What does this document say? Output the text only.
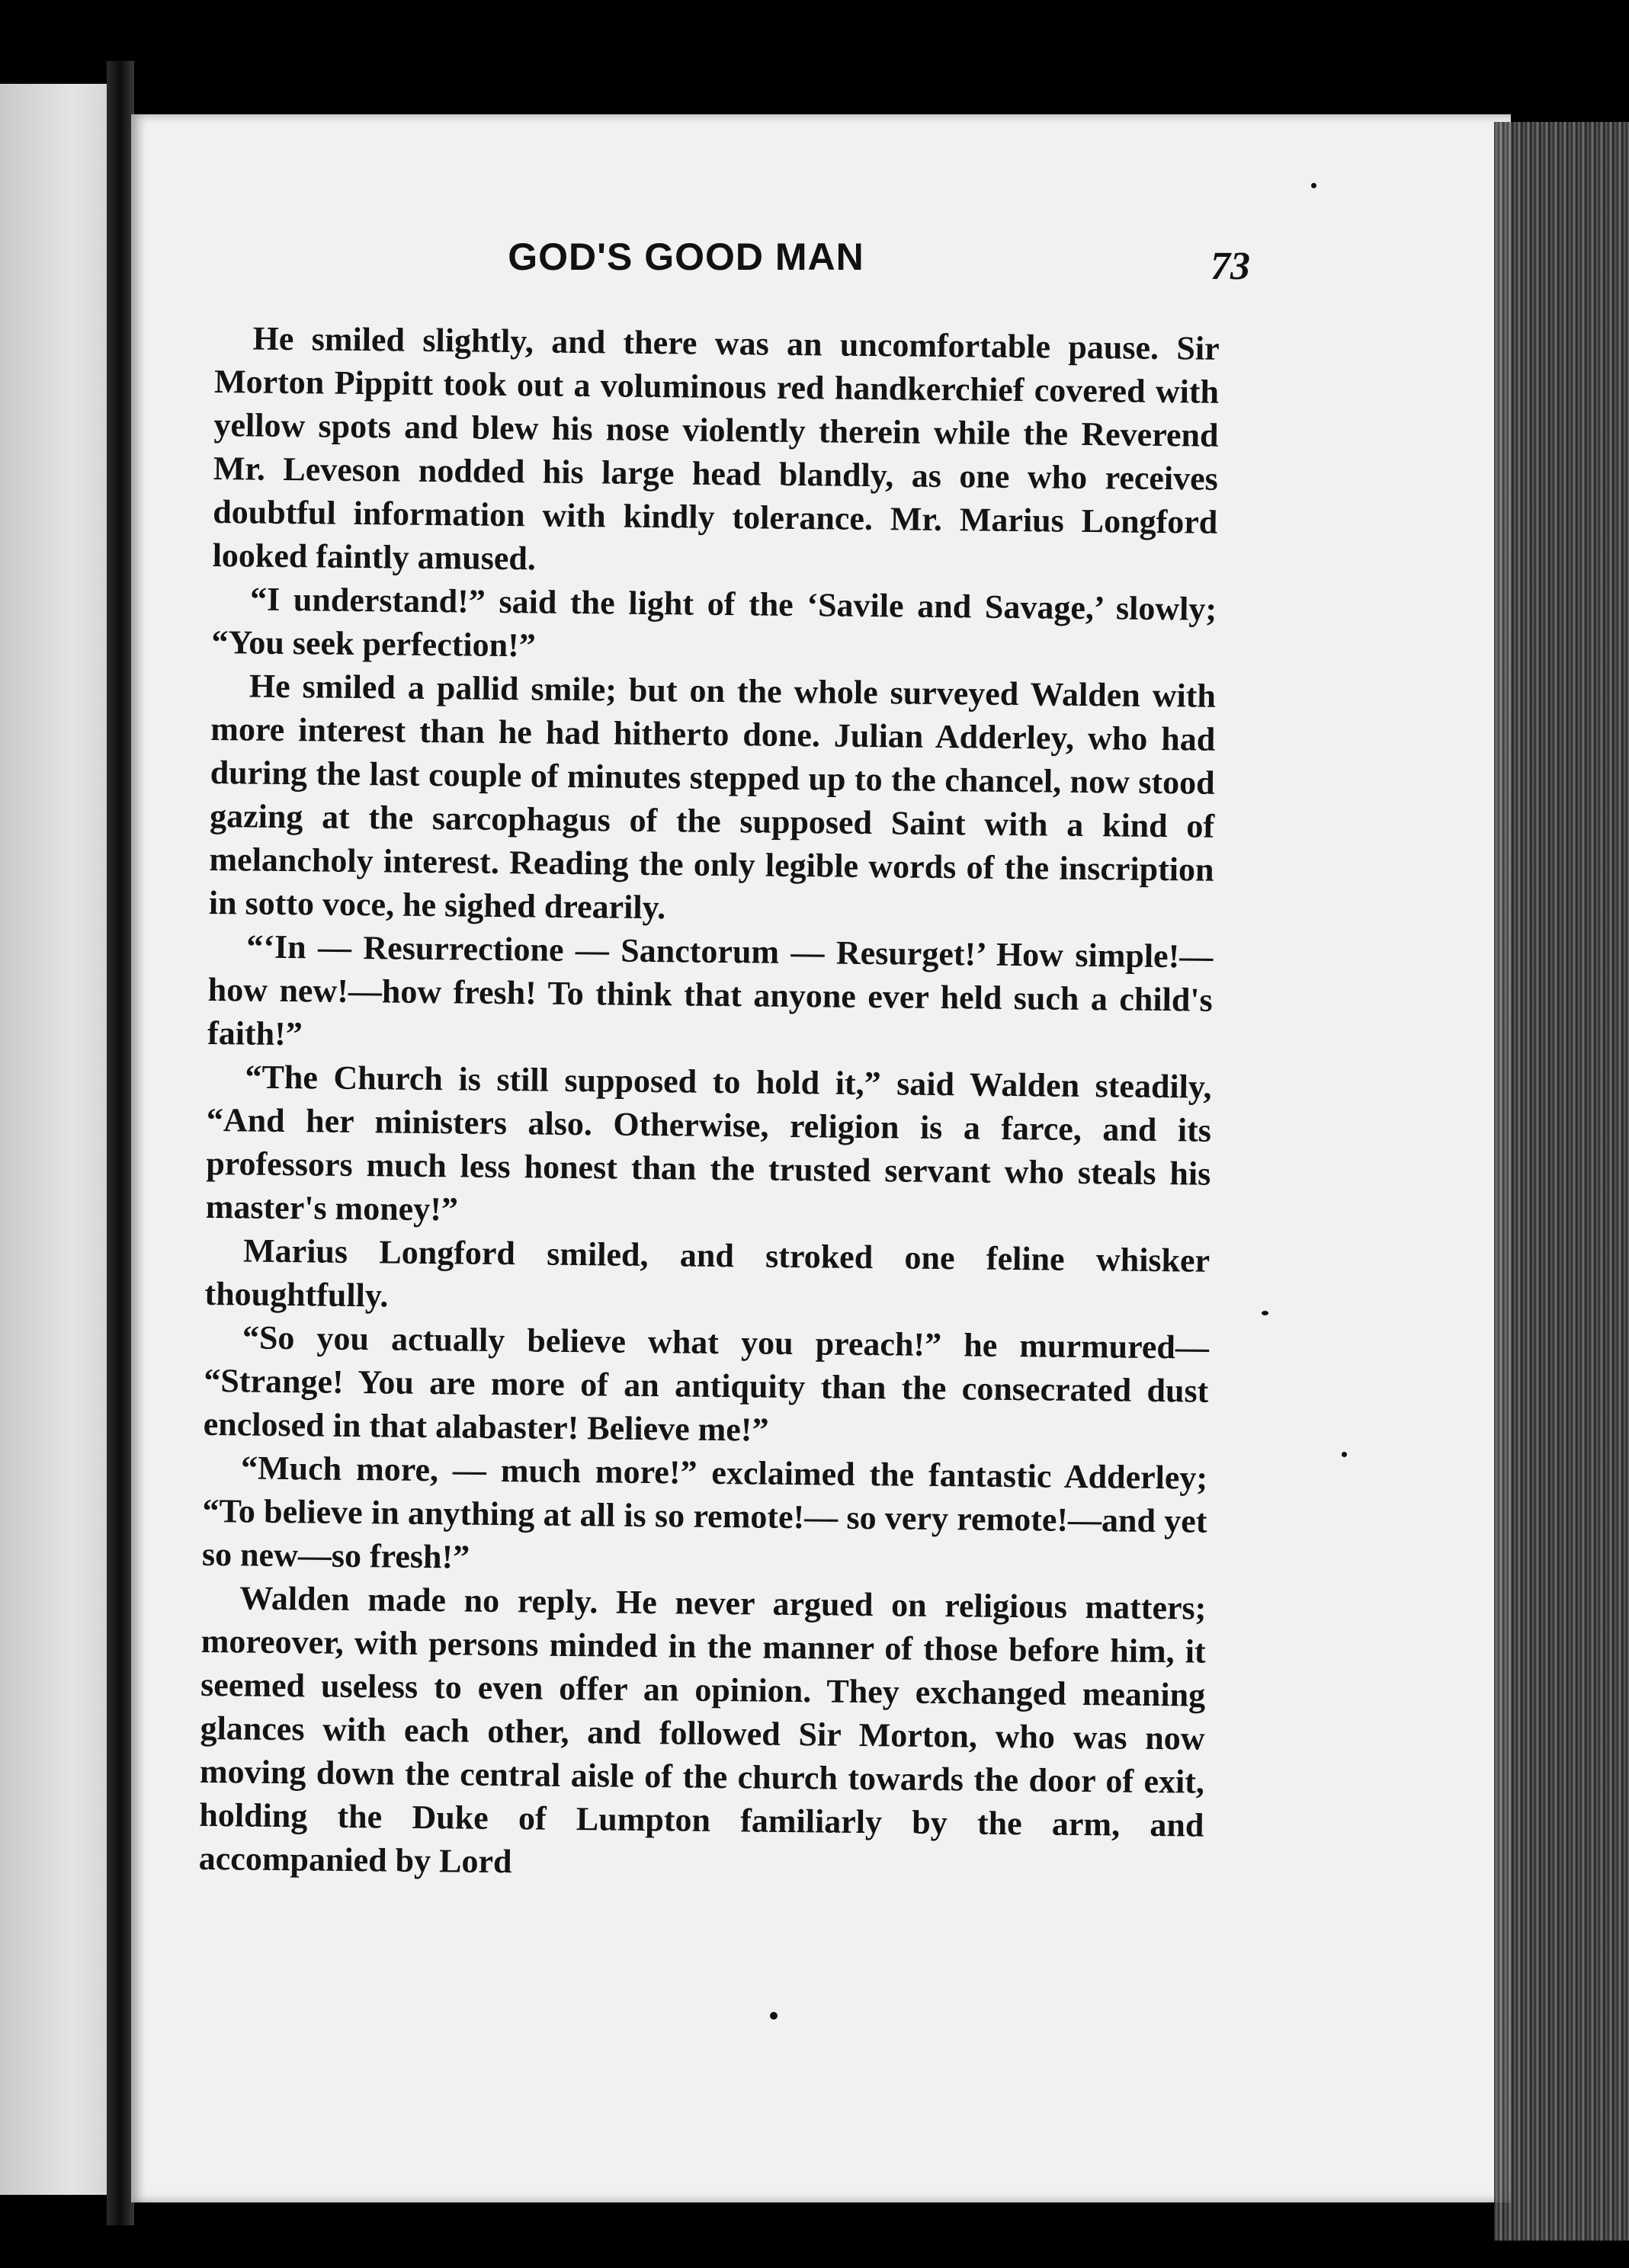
GOD'S GOOD MAN	73

He smiled slightly, and there was an uncomfortable pause. Sir Morton Pippitt took out a voluminous red handkerchief covered with yellow spots and blew his nose violently therein while the Reverend Mr. Leveson nodded his large head blandly, as one who receives doubtful information with kindly tolerance. Mr. Marius Longford looked faintly amused.

“I understand!” said the light of the ‘Savile and Savage,’ slowly; “You seek perfection!”

He smiled a pallid smile; but on the whole surveyed Walden with more interest than he had hitherto done. Julian Adderley, who had during the last couple of minutes stepped up to the chancel, now stood gazing at the sarcophagus of the supposed Saint with a kind of melancholy interest. Reading the only legible words of the inscription in sotto voce, he sighed drearily.

“‘In — Resurrectione — Sanctorum — Resurget!’ How simple!—how new!—how fresh! To think that anyone ever held such a child's faith!”

“The Church is still supposed to hold it,” said Walden steadily, “And her ministers also. Otherwise, religion is a farce, and its professors much less honest than the trusted servant who steals his master's money!”

Marius Longford smiled, and stroked one feline whisker thoughtfully.

“So you actually believe what you preach!” he murmured— “Strange! You are more of an antiquity than the consecrated dust enclosed in that alabaster! Believe me!”

“Much more, — much more!” exclaimed the fantastic Adderley; “To believe in anything at all is so remote!— so very remote!—and yet so new—so fresh!”

Walden made no reply. He never argued on religious matters; moreover, with persons minded in the manner of those before him, it seemed useless to even offer an opinion. They exchanged meaning glances with each other, and followed Sir Morton, who was now moving down the central aisle of the church towards the door of exit, holding the Duke of Lumpton familiarly by the arm, and accompanied by Lord
